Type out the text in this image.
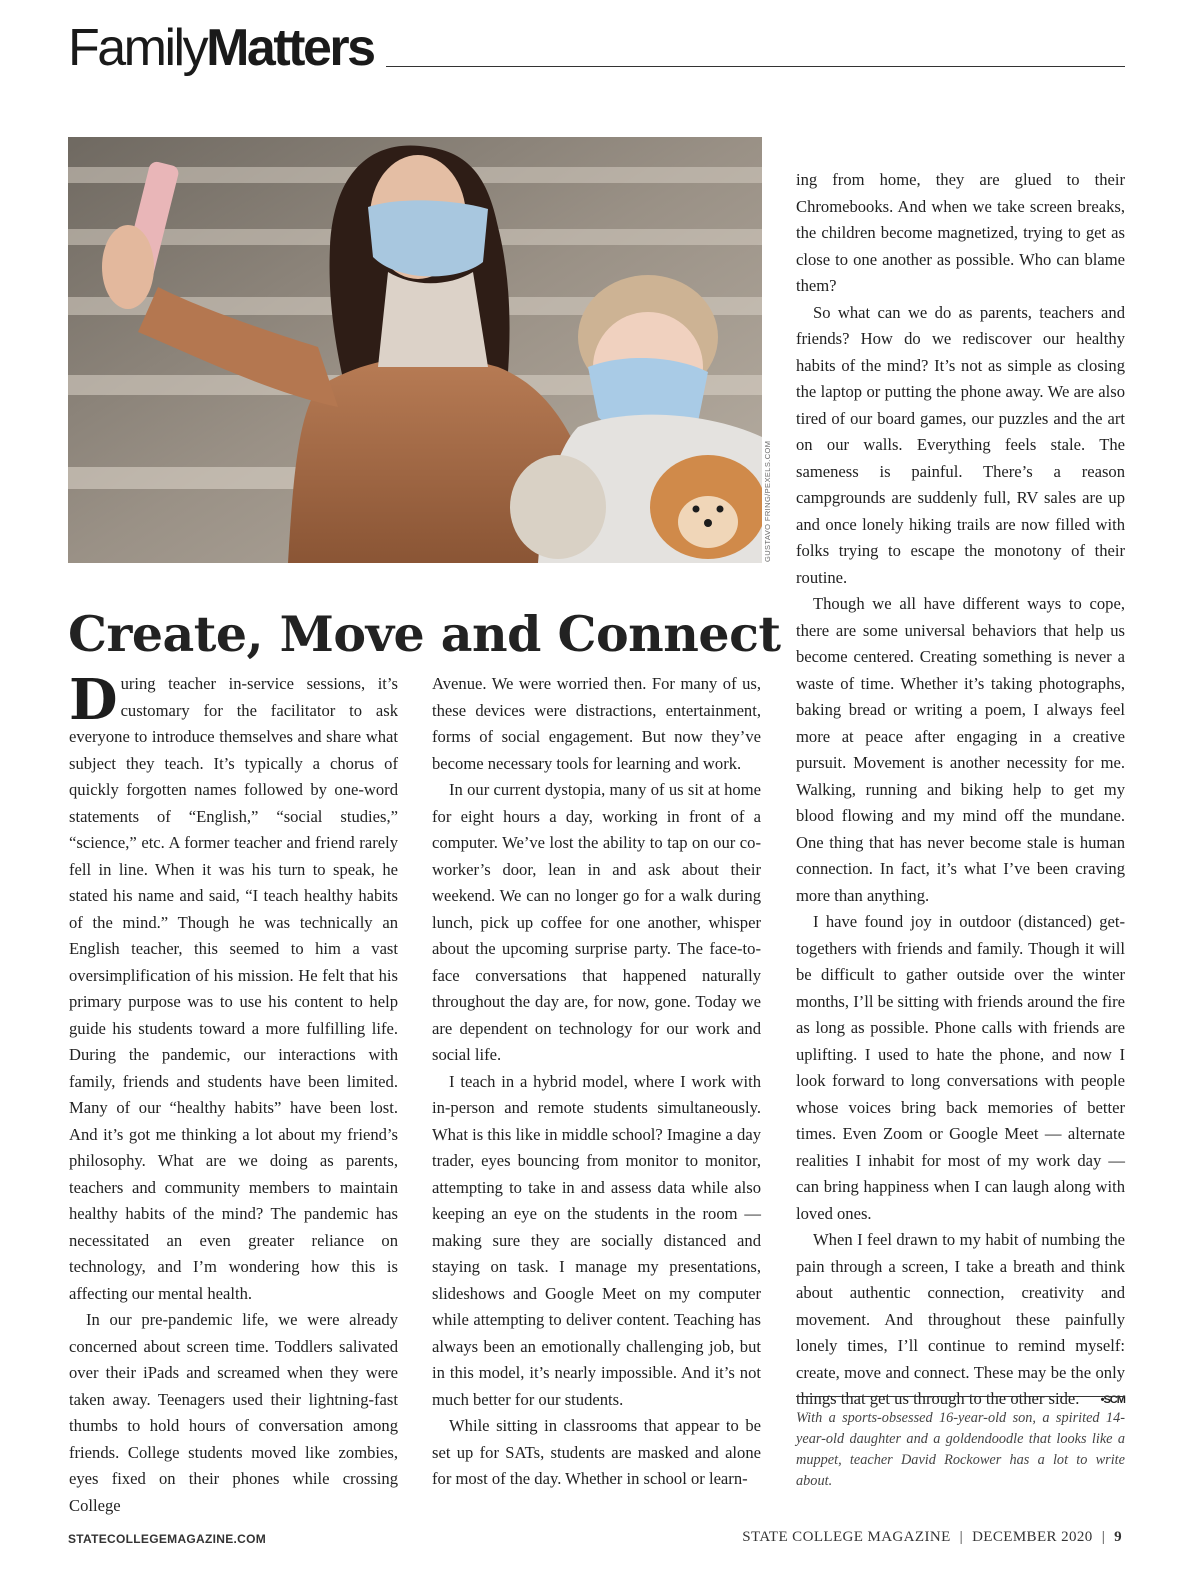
FamilyMatters
GUSTAVO FRING/PEXELS.COM
Create, Move and Connect

During teacher in-service sessions, it’s customary for the facilitator to ask everyone to introduce themselves and share what subject they teach. It’s typically a chorus of quickly forgotten names followed by one-word statements of “English,” “social studies,” “science,” etc. A former teacher and friend rarely fell in line. When it was his turn to speak, he stated his name and said, “I teach healthy habits of the mind.” Though he was technically an English teacher, this seemed to him a vast oversimplification of his mission. He felt that his primary purpose was to use his content to help guide his students toward a more fulfilling life. During the pandemic, our interactions with family, friends and students have been limited. Many of our “healthy habits” have been lost. And it’s got me thinking a lot about my friend’s philosophy. What are we doing as parents, teachers and community members to maintain healthy habits of the mind? The pandemic has necessitated an even greater reliance on technology, and I’m wondering how this is affecting our mental health.

In our pre-pandemic life, we were already concerned about screen time. Toddlers salivated over their iPads and screamed when they were taken away. Teenagers used their lightning-fast thumbs to hold hours of conversation among friends. College students moved like zombies, eyes fixed on their phones while crossing College

Avenue. We were worried then. For many of us, these devices were distractions, entertainment, forms of social engagement. But now they’ve become necessary tools for learning and work.

In our current dystopia, many of us sit at home for eight hours a day, working in front of a computer. We’ve lost the ability to tap on our co-worker’s door, lean in and ask about their weekend. We can no longer go for a walk during lunch, pick up coffee for one another, whisper about the upcoming surprise party. The face-to-face conversations that happened naturally throughout the day are, for now, gone. Today we are dependent on technology for our work and social life.

I teach in a hybrid model, where I work with in-person and remote students simultaneously. What is this like in middle school? Imagine a day trader, eyes bouncing from monitor to monitor, attempting to take in and assess data while also keeping an eye on the students in the room — making sure they are socially distanced and staying on task. I manage my presentations, slideshows and Google Meet on my computer while attempting to deliver content. Teaching has always been an emotionally challenging job, but in this model, it’s nearly impossible. And it’s not much better for our students.

While sitting in classrooms that appear to be set up for SATs, students are masked and alone for most of the day. Whether in school or learn-

ing from home, they are glued to their Chromebooks. And when we take screen breaks, the children become magnetized, trying to get as close to one another as possible. Who can blame them?

So what can we do as parents, teachers and friends? How do we rediscover our healthy habits of the mind? It’s not as simple as closing the laptop or putting the phone away. We are also tired of our board games, our puzzles and the art on our walls. Everything feels stale. The sameness is painful. There’s a reason campgrounds are suddenly full, RV sales are up and once lonely hiking trails are now filled with folks trying to escape the monotony of their routine.

Though we all have different ways to cope, there are some universal behaviors that help us become centered. Creating something is never a waste of time. Whether it’s taking photographs, baking bread or writing a poem, I always feel more at peace after engaging in a creative pursuit. Movement is another necessity for me. Walking, running and biking help to get my blood flowing and my mind off the mundane. One thing that has never become stale is human connection. In fact, it’s what I’ve been craving more than anything.

I have found joy in outdoor (distanced) get-togethers with friends and family. Though it will be difficult to gather outside over the winter months, I’ll be sitting with friends around the fire as long as possible. Phone calls with friends are uplifting. I used to hate the phone, and now I look forward to long conversations with people whose voices bring back memories of better times. Even Zoom or Google Meet — alternate realities I inhabit for most of my work day — can bring happiness when I can laugh along with loved ones.

When I feel drawn to my habit of numbing the pain through a screen, I take a breath and think about authentic connection, creativity and movement. And throughout these painfully lonely times, I’ll continue to remind myself: create, move and connect. These may be the only things that get us through to the other side. •SCM

With a sports-obsessed 16-year-old son, a spirited 14-year-old daughter and a goldendoodle that looks like a muppet, teacher David Rockower has a lot to write about.

STATECOLLEGEMAGAZINE.COM	STATE COLLEGE MAGAZINE | DECEMBER 2020 | 9
